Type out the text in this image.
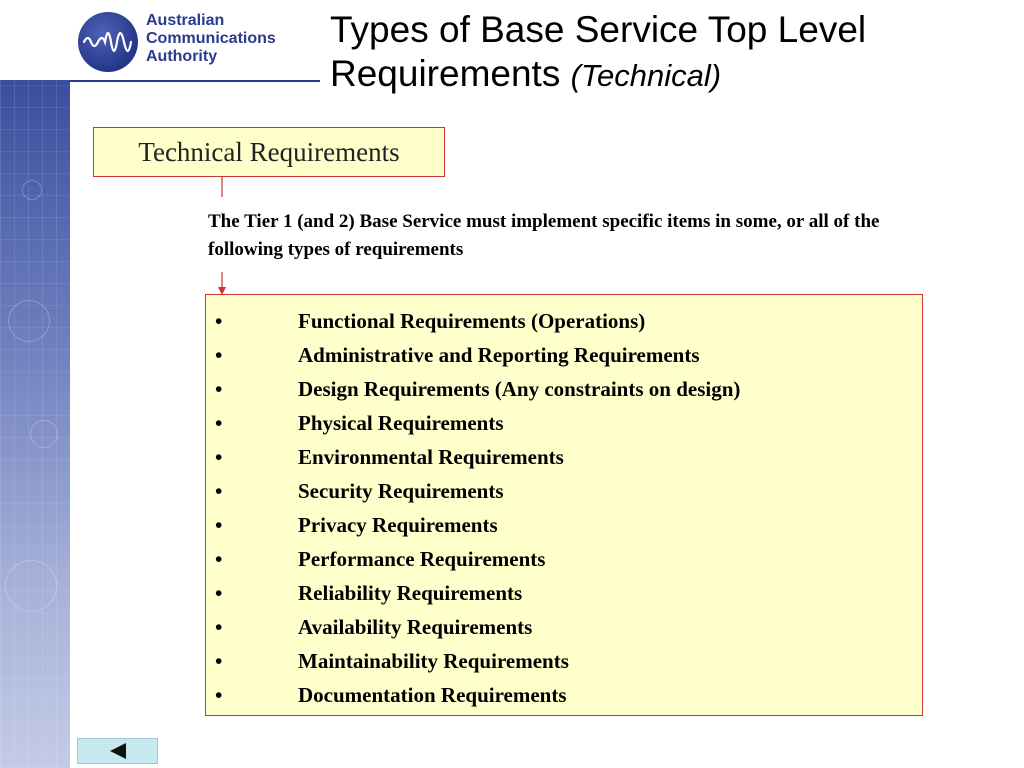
Australian
Communications
Authority
Types of Base Service Top Level Requirements (Technical)
Technical Requirements
The Tier 1 (and 2) Base Service must implement specific items in some, or all of the following types of requirements
•	Functional Requirements (Operations)
•	Administrative and Reporting Requirements
•	Design Requirements (Any constraints on design)
•	Physical Requirements
•	Environmental Requirements
•	Security Requirements
•	Privacy Requirements
•	Performance Requirements
•	Reliability Requirements
•	Availability Requirements
•	Maintainability Requirements
•	Documentation Requirements
